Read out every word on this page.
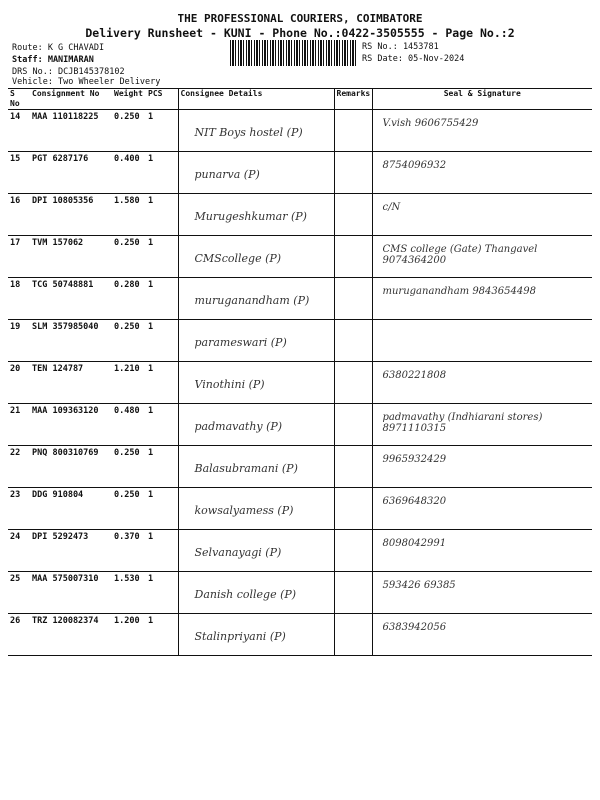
THE PROFESSIONAL COURIERS, COIMBATORE
Delivery Runsheet - KUNI - Phone No.:0422-3505555 - Page No.:2
Route: K G CHAVADI
Staff: MANIMARAN
DRS No.: DCJB145378102
Vehicle: Two Wheeler Delivery
RS No.: 1453781
RS Date: 05-Nov-2024
S No	Consignment No	Weight	PCS	Consignee Details	Remarks	Seal & Signature
14	MAA 110118225	0.250	1	NIT Boys hostel (P)		V.vish 9606755429

15	PGT 6287176	0.400	1	punarva (P)		8754096932

16	DPI 10805356	1.580	1	Murugeshkumar (P)		c/N

17	TVM 157062	0.250	1	CMScollege (P)		CMS college (Gate) Thangavel 9074364200

18	TCG 50748881	0.280	1	muruganandham (P)		muruganandham 9843654498

19	SLM 357985040	0.250	1	parameswari (P)		

20	TEN 124787	1.210	1	Vinothini (P)		6380221808

21	MAA 109363120	0.480	1	padmavathy (P)		padmavathy (Indhiarani stores) 8971110315

22	PNQ 800310769	0.250	1	Balasubramani (P)		9965932429

23	DDG 910804	0.250	1	kowsalyamess (P)		6369648320

24	DPI 5292473	0.370	1	Selvanayagi (P)		8098042991

25	MAA 575007310	1.530	1	Danish college (P)		593426 69385

26	TRZ 120082374	1.200	1	Stalinpriyani (P)		6383942056
